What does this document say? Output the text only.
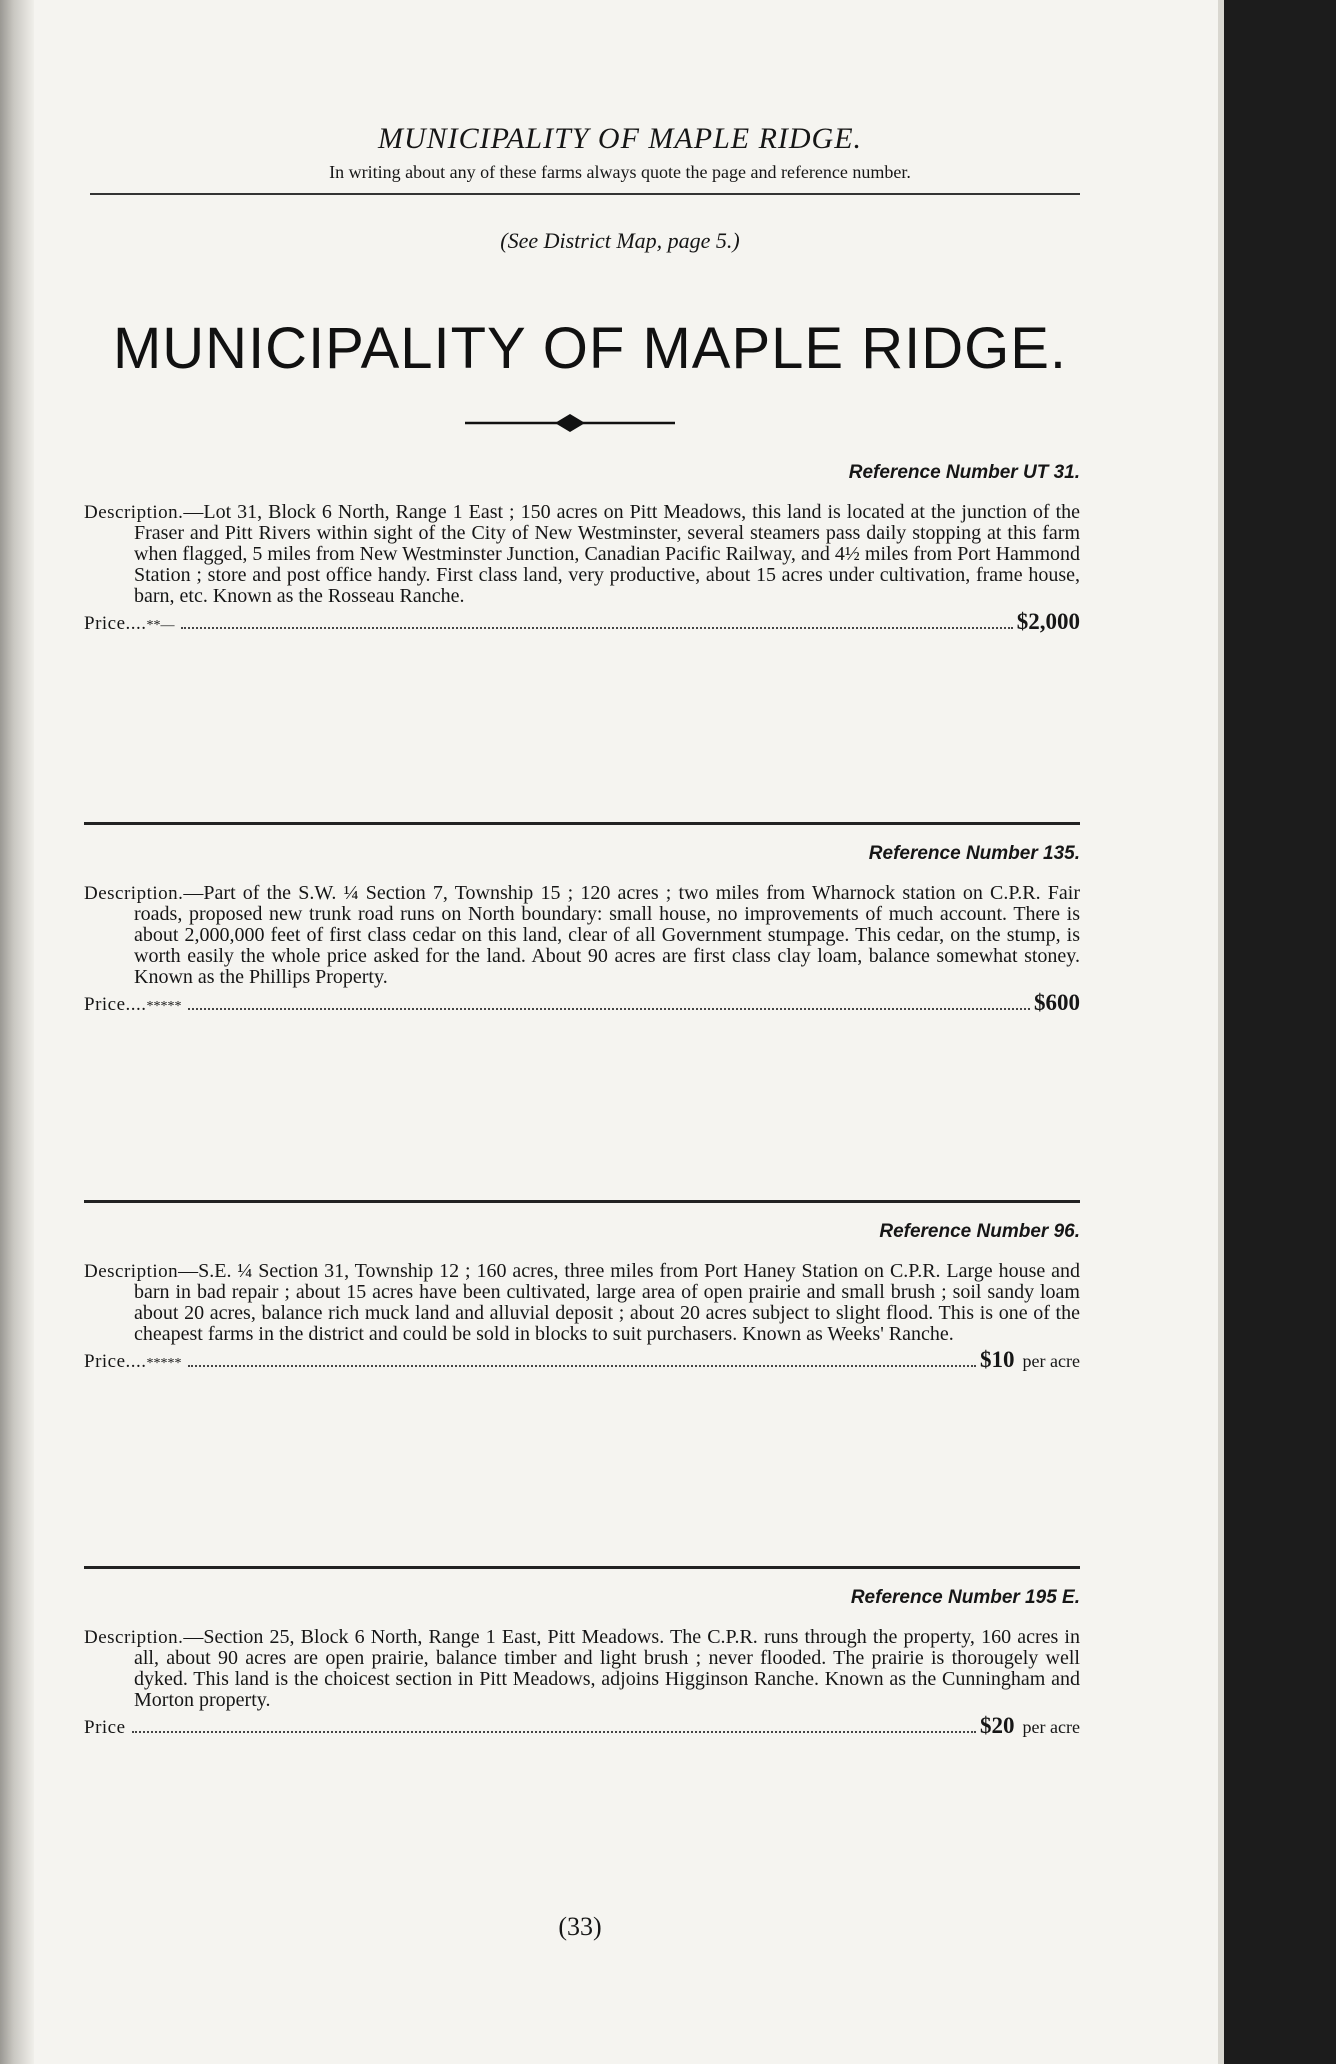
MUNICIPALITY OF MAPLE RIDGE.
In writing about any of these farms always quote the page and reference number.
(See District Map, page 5.)
MUNICIPALITY OF MAPLE RIDGE.
Reference Number UT 31.

Description.—Lot 31, Block 6 North, Range 1 East ; 150 acres on Pitt Meadows, this land is located at the junction of the Fraser and Pitt Rivers within sight of the City of New Westminster, several steamers pass daily stopping at this farm when flagged, 5 miles from New Westminster Junction, Canadian Pacific Railway, and 4½ miles from Port Hammond Station ; store and post office handy. First class land, very productive, about 15 acres under cultivation, frame house, barn, etc. Known as the Rosseau Ranche.

Price.... **—	$2,000
Reference Number 135.

Description.—Part of the S.W. ¼ Section 7, Township 15 ; 120 acres ; two miles from Wharnock station on C.P.R. Fair roads, proposed new trunk road runs on North boundary: small house, no improvements of much account. There is about 2,000,000 feet of first class cedar on this land, clear of all Government stumpage. This cedar, on the stump, is worth easily the whole price asked for the land. About 90 acres are first class clay loam, balance somewhat stoney. Known as the Phillips Property.

Price.... *****	$600
Reference Number 96.

Description—S.E. ¼ Section 31, Township 12 ; 160 acres, three miles from Port Haney Station on C.P.R. Large house and barn in bad repair ; about 15 acres have been cultivated, large area of open prairie and small brush ; soil sandy loam about 20 acres, balance rich muck land and alluvial deposit ; about 20 acres subject to slight flood. This is one of the cheapest farms in the district and could be sold in blocks to suit purchasers. Known as Weeks' Ranche.

Price.... *****	$10 per acre
Reference Number 195 E.

Description.—Section 25, Block 6 North, Range 1 East, Pitt Meadows. The C.P.R. runs through the property, 160 acres in all, about 90 acres are open prairie, balance timber and light brush ; never flooded. The prairie is thorougely well dyked. This land is the choicest section in Pitt Meadows, adjoins Higginson Ranche. Known as the Cunningham and Morton property.

Price	$20 per acre
(33)
